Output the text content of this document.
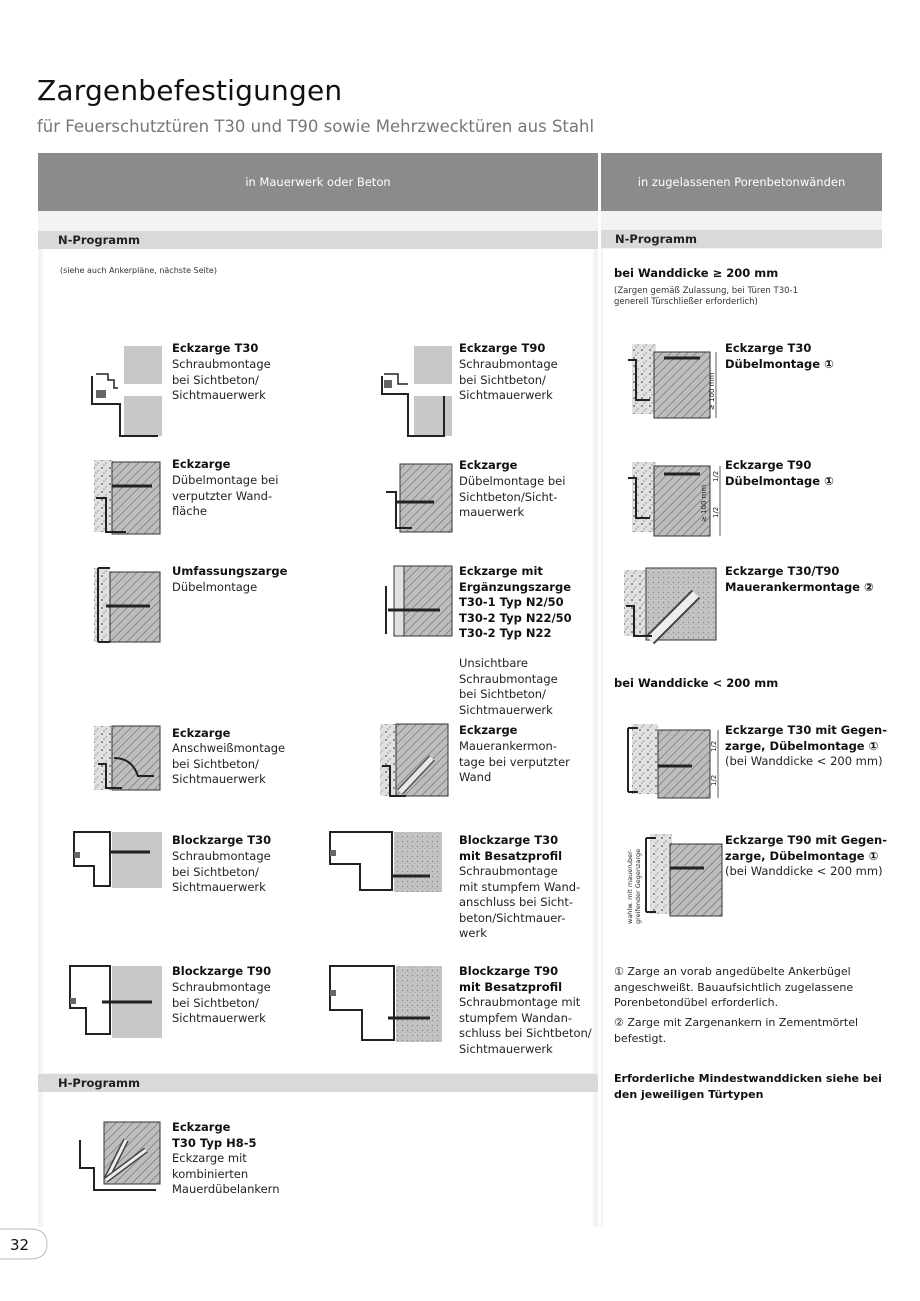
Zargenbefestigungen
für Feuerschutztüren T30 und T90 sowie Mehrzwecktüren aus Stahl
in Mauerwerk oder Beton	in zugelassenen Porenbetonwänden
N-Programm	N-Programm
H-Programm
(siehe auch Ankerpläne, nächste Seite)
Eckzarge T30
Schraubmontage
bei Sichtbeton/
Sichtmauerwerk
Eckzarge T90
Schraubmontage
bei Sichtbeton/
Sichtmauerwerk
Eckzarge
Dübelmontage bei
verputzter Wand-
fläche
Eckzarge
Dübelmontage bei
Sichtbeton/Sicht-
mauerwerk
Umfassungszarge
Dübelmontage
Eckzarge mit
Ergänzungszarge
T30-1 Typ N2/50
T30-2 Typ N22/50
T30-2 Typ N22
Unsichtbare
Schraubmontage
bei Sichtbeton/
Sichtmauerwerk
Eckzarge
Anschweißmontage
bei Sichtbeton/
Sichtmauerwerk
Eckzarge
Mauerankermon-
tage bei verputzter
Wand
Blockzarge T30
Schraubmontage
bei Sichtbeton/
Sichtmauerwerk
Blockzarge T30
mit Besatzprofil
Schraubmontage
mit stumpfem Wand-
anschluss bei Sicht-
beton/Sichtmauer-
werk
Blockzarge T90
Schraubmontage
bei Sichtbeton/
Sichtmauerwerk
Blockzarge T90
mit Besatzprofil
Schraubmontage mit
stumpfem Wandan-
schluss bei Sichtbeton/
Sichtmauerwerk
Eckzarge
T30 Typ H8-5
Eckzarge mit
kombinierten
Mauerdübelankern
bei Wanddicke ≥ 200 mm
(Zargen gemäß Zulassung, bei Türen T30-1
generell Türschließer erforderlich)
≥ 100 mm
Eckzarge T30
Dübelmontage ①
≥ 100 mm
1/2
1/2
Eckzarge T90
Dübelmontage ①
Eckzarge T30/T90
Mauerankermontage ②
bei Wanddicke < 200 mm
1/2
1/2
Eckzarge T30 mit Gegen-
zarge, Dübelmontage ①
(bei Wanddicke < 200 mm)
wahlw. mit maueruber- greifender Gegenzarge
Eckzarge T90 mit Gegen-
zarge, Dübelmontage ①
(bei Wanddicke < 200 mm)
① Zarge an vorab angedübelte Ankerbügel
angeschweißt. Bauaufsichtlich zugelassene
Porenbetondübel erforderlich.
② Zarge mit Zargenankern in Zementmörtel
befestigt.
Erforderliche Mindestwanddicken siehe bei
den jeweiligen Türtypen
32
